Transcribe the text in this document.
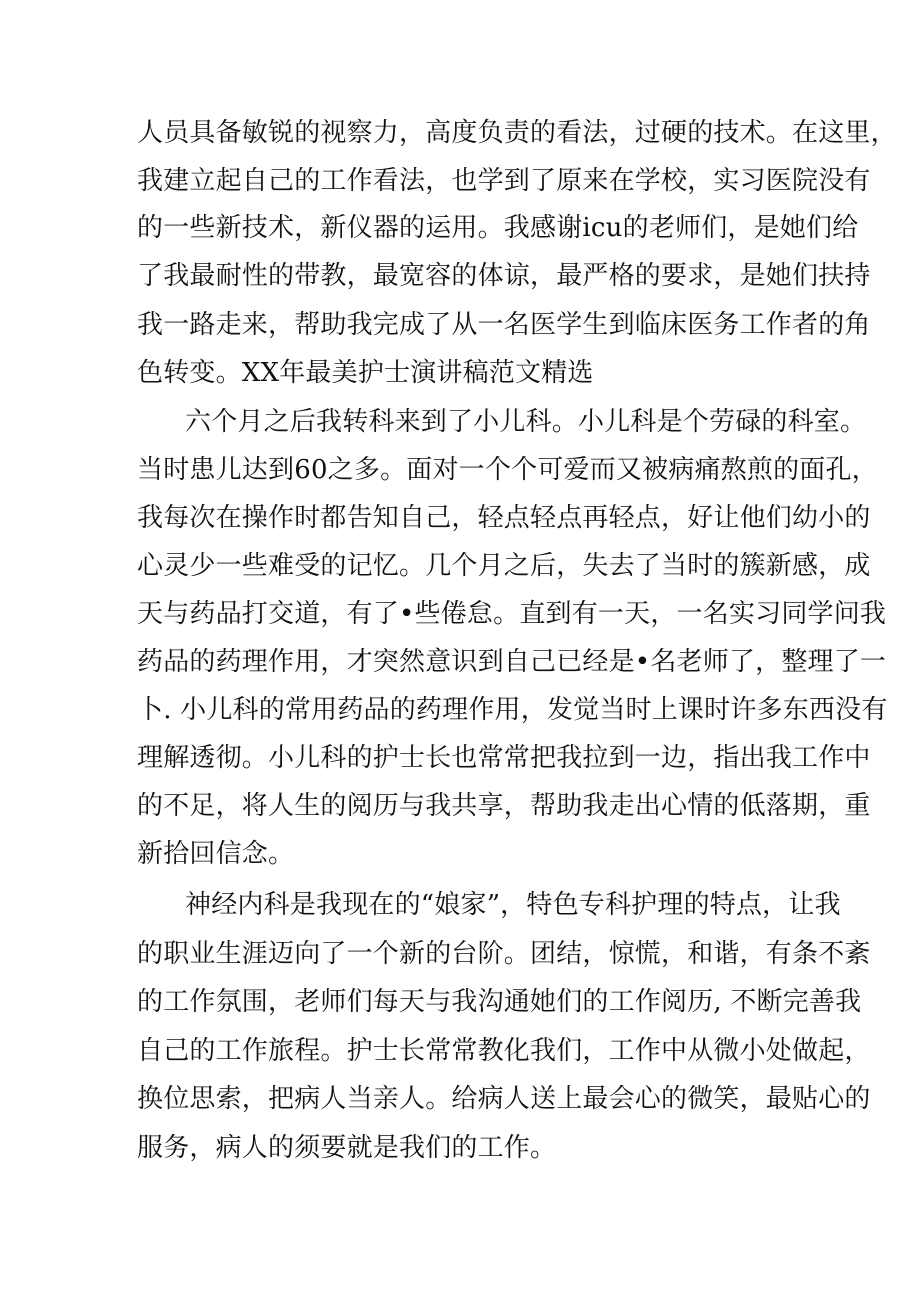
人员具备敏锐的视察力，高度负责的看法，过硬的技术。在这里，
我建立起自己的工作看法，也学到了原来在学校，实习医院没有
的一些新技术，新仪器的运用。我感谢icu的老师们，是她们给
了我最耐性的带教，最宽容的体谅，最严格的要求，是她们扶持
我一路走来，帮助我完成了从一名医学生到临床医务工作者的角
色转变。XX年最美护士演讲稿范文精选
六个月之后我转科来到了小儿科。小儿科是个劳碌的科室。
当时患儿达到60之多。面对一个个可爱而又被病痛熬煎的面孔，
我每次在操作时都告知自己，轻点轻点再轻点，好让他们幼小的
心灵少一些难受的记忆。几个月之后，失去了当时的簇新感，成
天与药品打交道，有了•些倦怠。直到有一天，一名实习同学问我
药品的药理作用，才突然意识到自己已经是•名老师了，整理了一
卜. 小儿科的常用药品的药理作用，发觉当时上课时许多东西没有
理解透彻。小儿科的护士长也常常把我拉到一边，指出我工作中
的不足，将人生的阅历与我共享，帮助我走出心情的低落期，重
新拾回信念。
神经内科是我现在的“娘家”，特色专科护理的特点，让我
的职业生涯迈向了一个新的台阶。团结，惊慌，和谐，有条不紊
的工作氛围，老师们每天与我沟通她们的工作阅历, 不断完善我
自己的工作旅程。护士长常常教化我们，工作中从微小处做起，
换位思索，把病人当亲人。给病人送上最会心的微笑，最贴心的
服务，病人的须要就是我们的工作。
